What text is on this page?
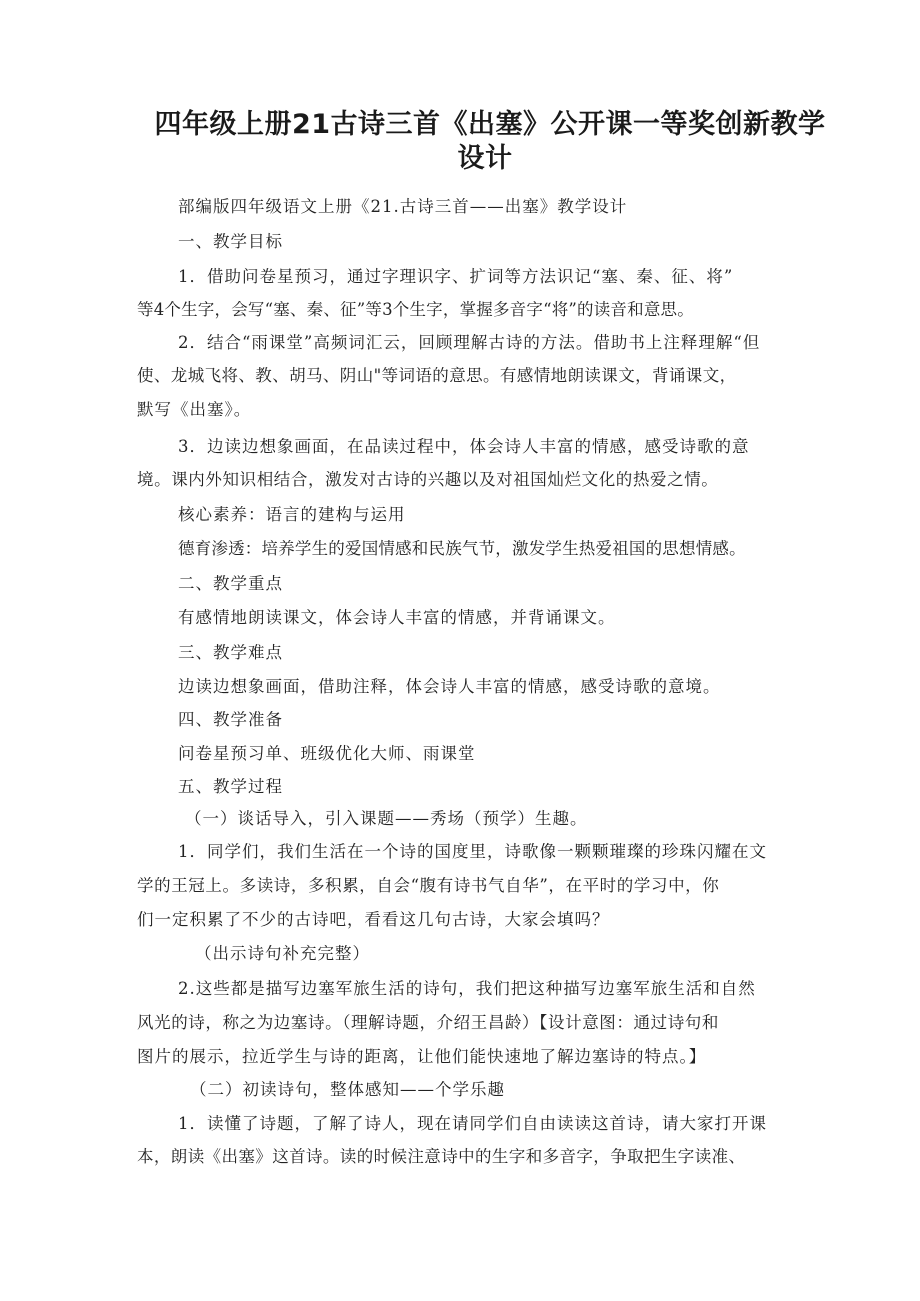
四年级上册21古诗三首《出塞》公开课一等奖创新教学
设计
部编版四年级语文上册《21.古诗三首——出塞》教学设计
一、教学目标
1．借助问卷星预习，通过字理识字、扩词等方法识记“塞、秦、征、将”
等4个生字，会写“塞、秦、征”等3个生字，掌握多音字“将”的读音和意思。
2．结合“雨课堂”高频词汇云，回顾理解古诗的方法。借助书上注释理解“但
使、龙城飞将、教、胡马、阴山"等词语的意思。有感情地朗读课文，背诵课文，
默写《出塞》。
3．边读边想象画面，在品读过程中，体会诗人丰富的情感，感受诗歌的意
境。课内外知识相结合，激发对古诗的兴趣以及对祖国灿烂文化的热爱之情。
核心素养：语言的建构与运用
德育渗透：培养学生的爱国情感和民族气节，激发学生热爱祖国的思想情感。
二、教学重点
有感情地朗读课文，体会诗人丰富的情感，并背诵课文。
三、教学难点
边读边想象画面，借助注释，体会诗人丰富的情感，感受诗歌的意境。
四、教学准备
问卷星预习单、班级优化大师、雨课堂
五、教学过程
（一）谈话导入，引入课题——秀场（预学）生趣。
1．同学们，我们生活在一个诗的国度里，诗歌像一颗颗璀璨的珍珠闪耀在文
学的王冠上。多读诗，多积累，自会“腹有诗书气自华”，在平时的学习中，你
们一定积累了不少的古诗吧，看看这几句古诗，大家会填吗？
（出示诗句补充完整）
2.这些都是描写边塞军旅生活的诗句，我们把这种描写边塞军旅生活和自然
风光的诗，称之为边塞诗。（理解诗题，介绍王昌龄）【设计意图：通过诗句和
图片的展示，拉近学生与诗的距离，让他们能快速地了解边塞诗的特点。】
（二）初读诗句，整体感知——个学乐趣
1．读懂了诗题，了解了诗人，现在请同学们自由读读这首诗，请大家打开课
本，朗读《出塞》这首诗。读的时候注意诗中的生字和多音字，争取把生字读准、
